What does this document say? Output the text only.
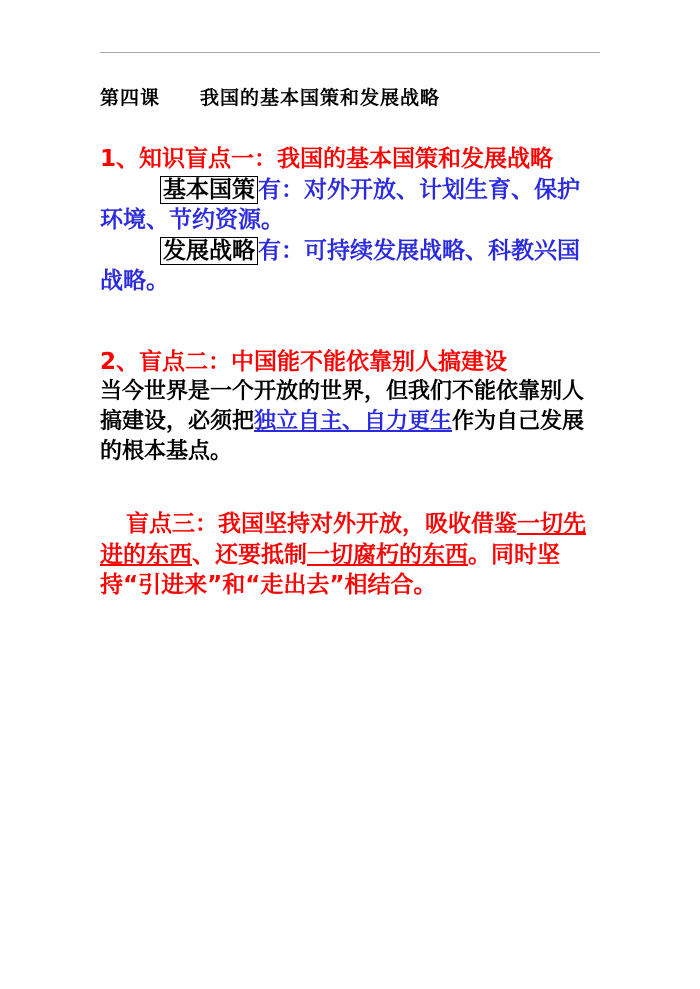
第四课　　我国的基本国策和发展战略

1、知识盲点一：我国的基本国策和发展战略

基本国策 有：对外开放、计划生育、保护环境、节约资源。

发展战略 有：可持续发展战略、科教兴国战略。

2、盲点二：中国能不能依靠别人搞建设

当今世界是一个开放的世界，但我们不能依靠别人搞建设，必须把独立自主、自力更生作为自己发展的根本基点。

盲点三：我国坚持对外开放，吸收借鉴一切先进的东西、还要抵制一切腐朽的东西。同时坚持“引进来”和“走出去”相结合。
